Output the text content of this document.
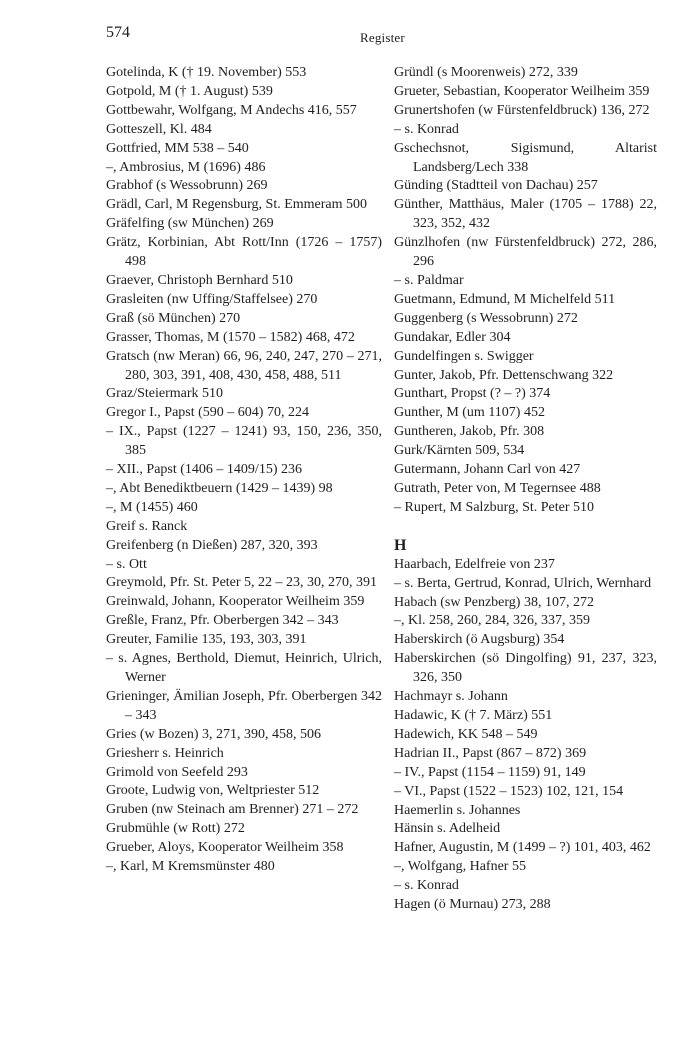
574	Register

Gotelinda, K († 19. November) 553

Gotpold, M († 1. August) 539

Gottbewahr, Wolfgang, M Andechs 416, 557

Gotteszell, Kl. 484

Gottfried, MM 538 – 540

–, Ambrosius, M (1696) 486

Grabhof (s Wessobrunn) 269

Grädl, Carl, M Regensburg, St. Emmeram 500

Gräfelfing (sw München) 269

Grätz, Korbinian, Abt Rott/Inn (1726 – 1757) 498

Graever, Christoph Bernhard 510

Grasleiten (nw Uffing/Staffelsee) 270

Graß (sö München) 270

Grasser, Thomas, M (1570 – 1582) 468, 472

Gratsch (nw Meran) 66, 96, 240, 247, 270 – 271, 280, 303, 391, 408, 430, 458, 488, 511

Graz/Steiermark 510

Gregor I., Papst (590 – 604) 70, 224

– IX., Papst (1227 – 1241) 93, 150, 236, 350, 385

– XII., Papst (1406 – 1409/15) 236

–, Abt Benediktbeuern (1429 – 1439) 98

–, M (1455) 460

Greif s. Ranck

Greifenberg (n Dießen) 287, 320, 393

– s. Ott

Greymold, Pfr. St. Peter 5, 22 – 23, 30, 270, 391

Greinwald, Johann, Kooperator Weilheim 359

Greßle, Franz, Pfr. Oberbergen 342 – 343

Greuter, Familie 135, 193, 303, 391

– s. Agnes, Berthold, Diemut, Heinrich, Ulrich, Werner

Grieninger, Ämilian Joseph, Pfr. Oberbergen 342 – 343

Gries (w Bozen) 3, 271, 390, 458, 506

Griesherr s. Heinrich

Grimold von Seefeld 293

Groote, Ludwig von, Weltpriester 512

Gruben (nw Steinach am Brenner) 271 – 272

Grubmühle (w Rott) 272

Grueber, Aloys, Kooperator Weilheim 358

–, Karl, M Kremsmünster 480

Gründl (s Moorenweis) 272, 339

Grueter, Sebastian, Kooperator Weilheim 359

Grunertshofen (w Fürstenfeldbruck) 136, 272

– s. Konrad

Gschechsnot, Sigismund, Altarist Landsberg/Lech 338

Günding (Stadtteil von Dachau) 257

Günther, Matthäus, Maler (1705 – 1788) 22, 323, 352, 432

Günzlhofen (nw Fürstenfeldbruck) 272, 286, 296

– s. Paldmar

Guetmann, Edmund, M Michelfeld 511

Guggenberg (s Wessobrunn) 272

Gundakar, Edler 304

Gundelfingen s. Swigger

Gunter, Jakob, Pfr. Dettenschwang 322

Gunthart, Propst (? – ?) 374

Gunther, M (um 1107) 452

Guntheren, Jakob, Pfr. 308

Gurk/Kärnten 509, 534

Gutermann, Johann Carl von 427

Gutrath, Peter von, M Tegernsee 488

– Rupert, M Salzburg, St. Peter 510

H

Haarbach, Edelfreie von 237

– s. Berta, Gertrud, Konrad, Ulrich, Wernhard

Habach (sw Penzberg) 38, 107, 272

–, Kl. 258, 260, 284, 326, 337, 359

Haberskirch (ö Augsburg) 354

Haberskirchen (sö Dingolfing) 91, 237, 323, 326, 350

Hachmayr s. Johann

Hadawic, K († 7. März) 551

Hadewich, KK 548 – 549

Hadrian II., Papst (867 – 872) 369

– IV., Papst (1154 – 1159) 91, 149

– VI., Papst (1522 – 1523) 102, 121, 154

Haemerlin s. Johannes

Hänsin s. Adelheid

Hafner, Augustin, M (1499 – ?) 101, 403, 462

–, Wolfgang, Hafner 55

– s. Konrad

Hagen (ö Murnau) 273, 288
